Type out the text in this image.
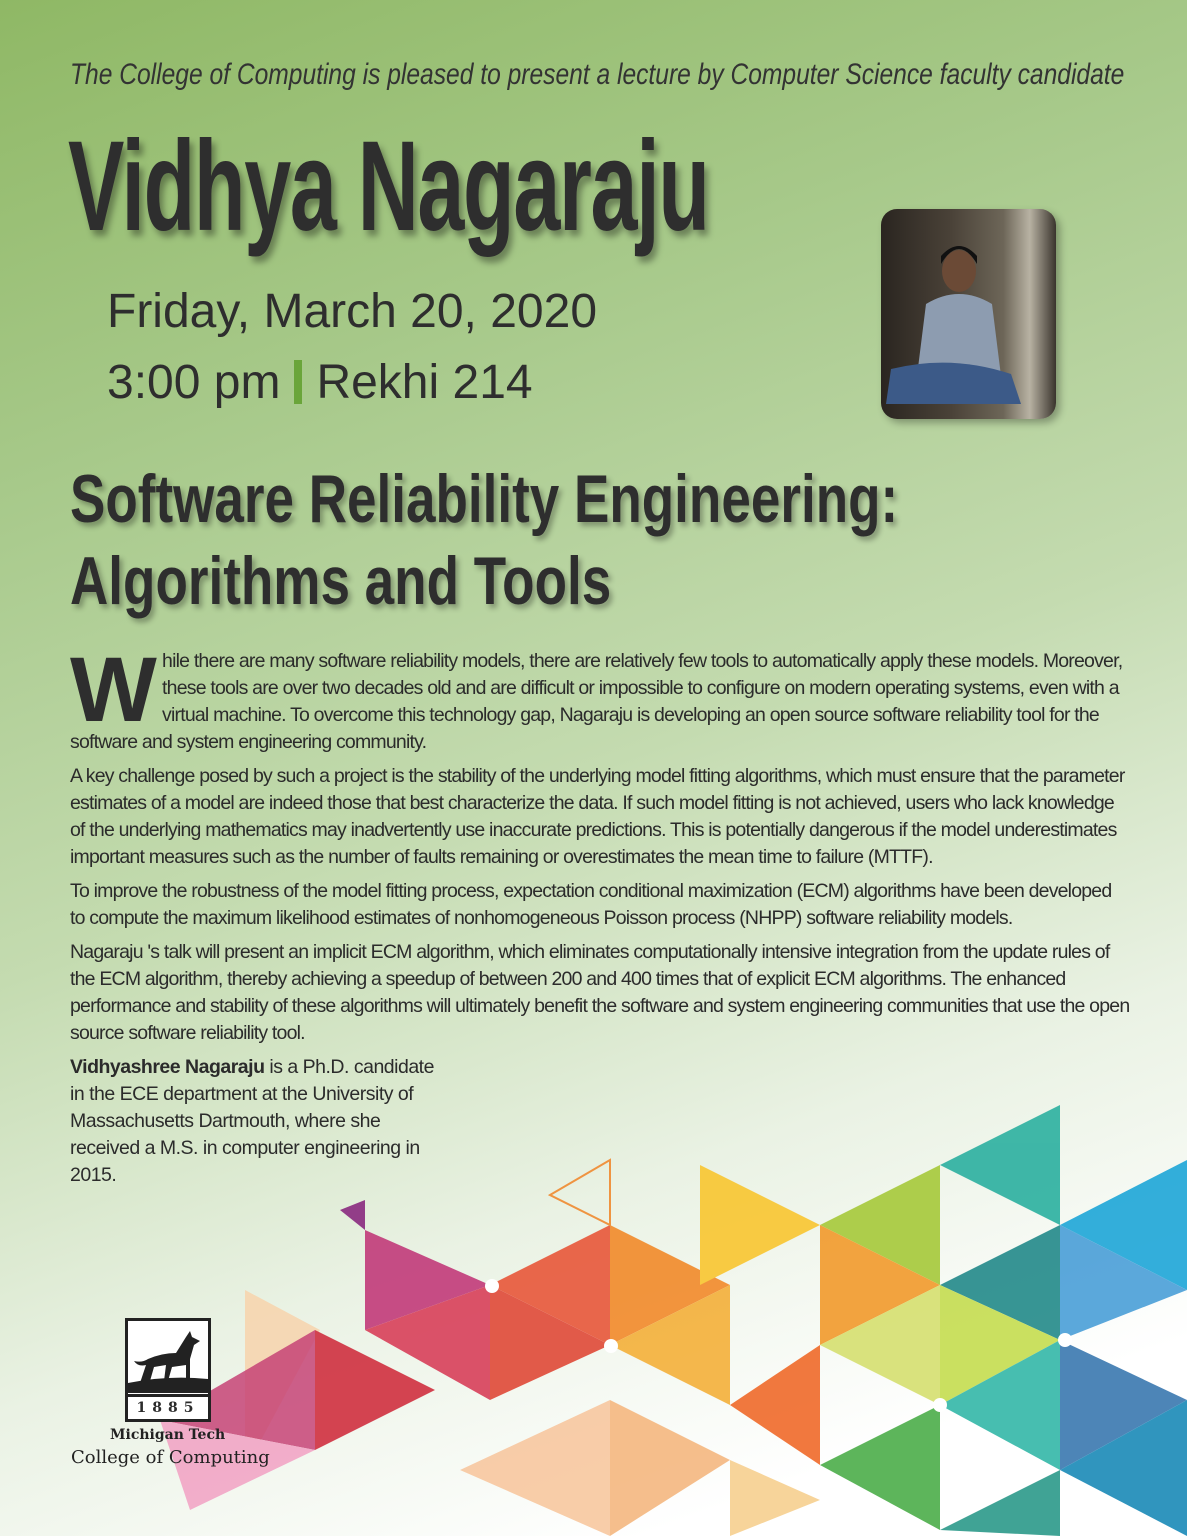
The College of Computing is pleased to present a lecture by Computer Science faculty candidate
Vidhya Nagaraju
Friday, March 20, 2020
3:00 pm Rekhi 214
Software Reliability Engineering:
Algorithms and Tools

While there are many software reliability models, there are relatively few tools to automatically apply these models. Moreover, these tools are over two decades old and are difficult or impossible to configure on modern operating systems, even with a virtual machine. To overcome this technology gap, Nagaraju is developing an open source software reliability tool for the software and system engineering community.

A key challenge posed by such a project is the stability of the underlying model fitting algorithms, which must ensure that the parameter estimates of a model are indeed those that best characterize the data. If such model fitting is not achieved, users who lack knowledge of the underlying mathematics may inadvertently use inaccurate predictions. This is potentially dangerous if the model underestimates important measures such as the number of faults remaining or overestimates the mean time to failure (MTTF).

To improve the robustness of the model fitting process, expectation conditional maximization (ECM) algorithms have been developed to compute the maximum likelihood estimates of nonhomogeneous Poisson process (NHPP) software reliability models.

Nagaraju 's talk will present an implicit ECM algorithm, which eliminates computationally intensive integration from the update rules of the ECM algorithm, thereby achieving a speedup of between 200 and 400 times that of explicit ECM algorithms. The enhanced performance and stability of these algorithms will ultimately benefit the software and system engineering communities that use the open source software reliability tool.

Vidhyashree Nagaraju is a Ph.D. candidate in the ECE department at the University of Massachusetts Dartmouth, where she received a M.S. in computer engineering in 2015.
1885
Michigan Tech
College of Computing
